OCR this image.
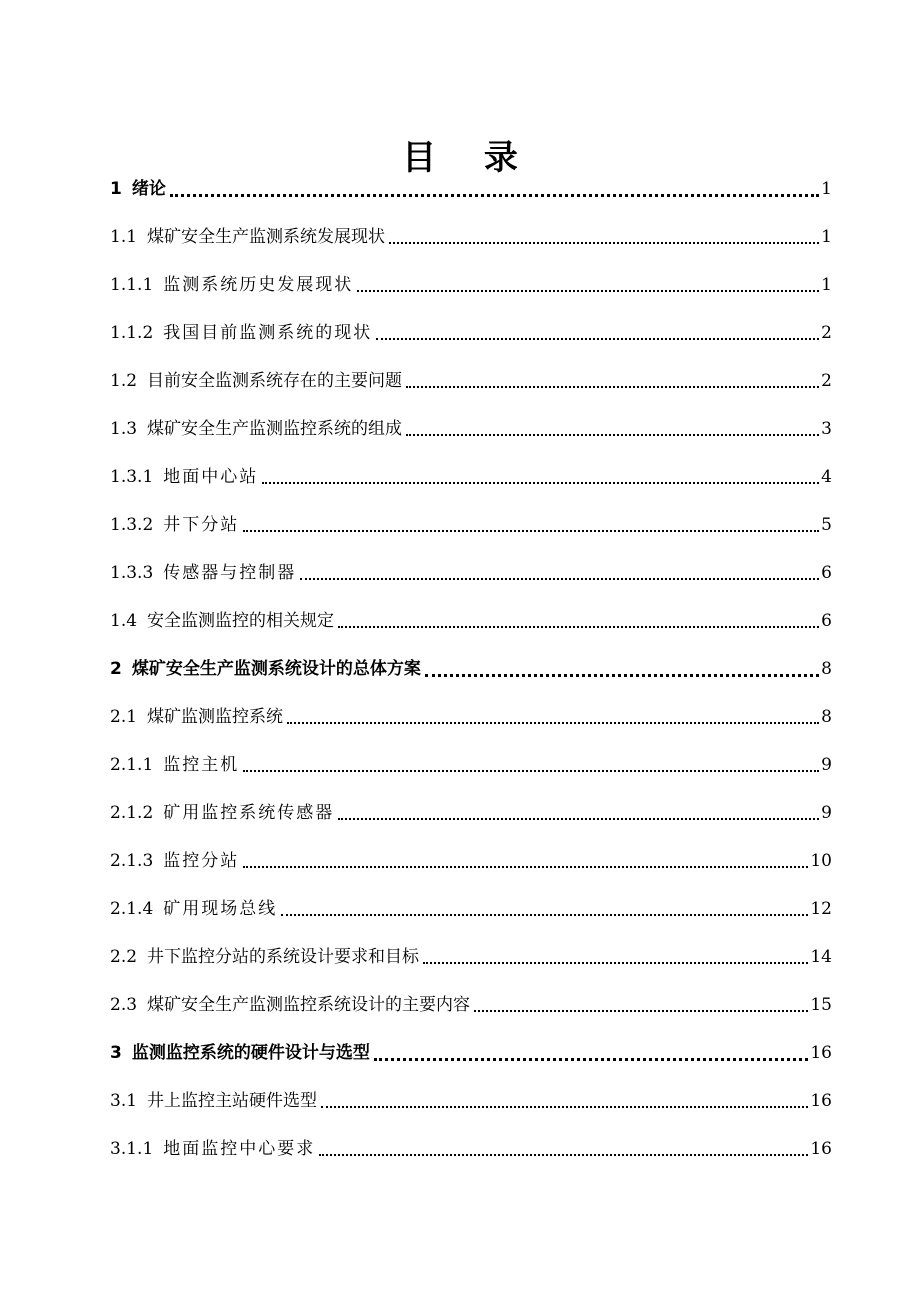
目 录
1 绪论	1
1.1 煤矿安全生产监测系统发展现状	1
1.1.1 监测系统历史发展现状	1
1.1.2 我国目前监测系统的现状	2
1.2 目前安全监测系统存在的主要问题	2
1.3 煤矿安全生产监测监控系统的组成	3
1.3.1 地面中心站	4
1.3.2 井下分站	5
1.3.3 传感器与控制器	6
1.4 安全监测监控的相关规定	6
2 煤矿安全生产监测系统设计的总体方案	8
2.1 煤矿监测监控系统	8
2.1.1 监控主机	9
2.1.2 矿用监控系统传感器	9
2.1.3 监控分站	10
2.1.4 矿用现场总线	12
2.2 井下监控分站的系统设计要求和目标	14
2.3 煤矿安全生产监测监控系统设计的主要内容	15
3 监测监控系统的硬件设计与选型	16
3.1 井上监控主站硬件选型	16
3.1.1 地面监控中心要求	16
